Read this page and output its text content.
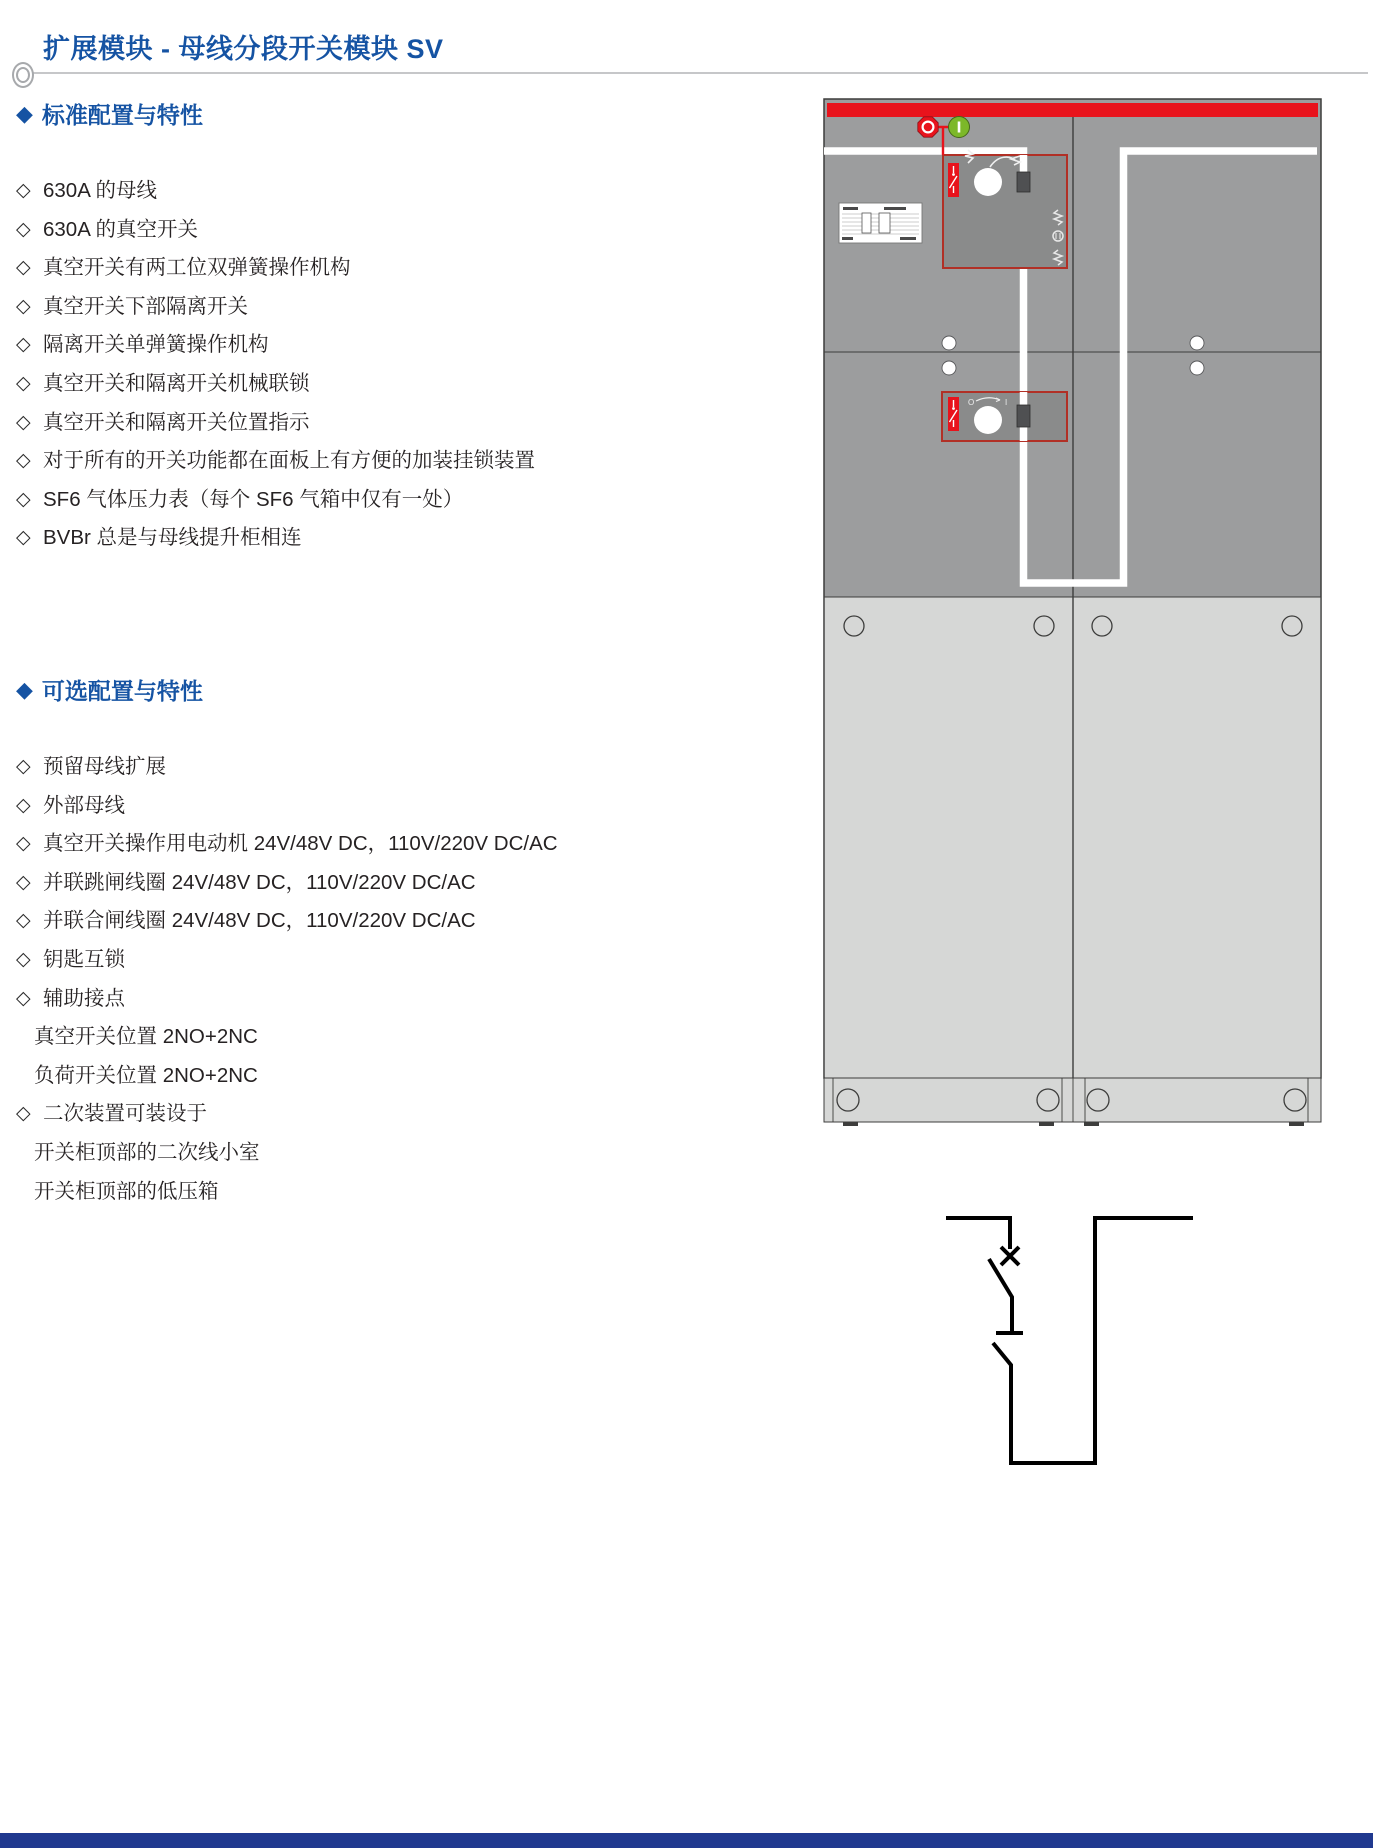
扩展模块 - 母线分段开关模块 SV
◆ 标准配置与特性
◇ 630A 的母线
◇ 630A 的真空开关
◇ 真空开关有两工位双弹簧操作机构
◇ 真空开关下部隔离开关
◇ 隔离开关单弹簧操作机构
◇ 真空开关和隔离开关机械联锁
◇ 真空开关和隔离开关位置指示
◇ 对于所有的开关功能都在面板上有方便的加装挂锁装置
◇ SF6 气体压力表（每个 SF6 气箱中仅有一处）
◇ BVBr 总是与母线提升柜相连
◆ 可选配置与特性
◇ 预留母线扩展
◇ 外部母线
◇ 真空开关操作用电动机 24V/48V DC，110V/220V DC/AC
◇ 并联跳闸线圈 24V/48V DC，110V/220V DC/AC
◇ 并联合闸线圈 24V/48V DC，110V/220V DC/AC
◇ 钥匙互锁
◇ 辅助接点
真空开关位置 2NO+2NC
负荷开关位置 2NO+2NC
◇ 二次装置可装设于
开关柜顶部的二次线小室
开关柜顶部的低压箱
O	I
